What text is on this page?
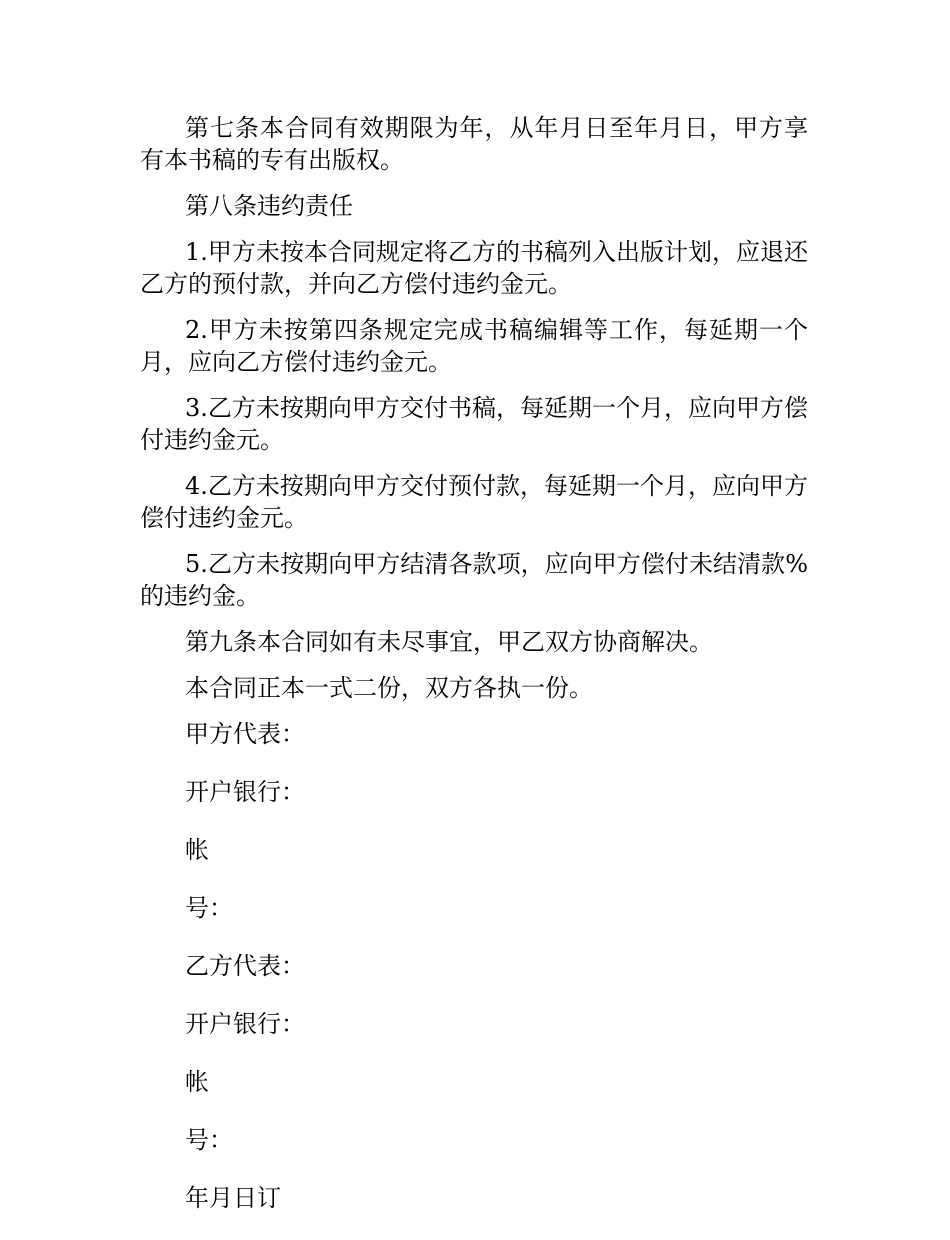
第七条本合同有效期限为年，从年月日至年月日，甲方享有本书稿的专有出版权。

第八条违约责任

1.甲方未按本合同规定将乙方的书稿列入出版计划，应退还乙方的预付款，并向乙方偿付违约金元。

2.甲方未按第四条规定完成书稿编辑等工作，每延期一个月，应向乙方偿付违约金元。

3.乙方未按期向甲方交付书稿，每延期一个月，应向甲方偿付违约金元。

4.乙方未按期向甲方交付预付款，每延期一个月，应向甲方偿付违约金元。

5.乙方未按期向甲方结清各款项，应向甲方偿付未结清款%的违约金。

第九条本合同如有未尽事宜，甲乙双方协商解决。

本合同正本一式二份，双方各执一份。

甲方代表：

开户银行：

帐

号：

乙方代表：

开户银行：

帐

号：

年月日订
